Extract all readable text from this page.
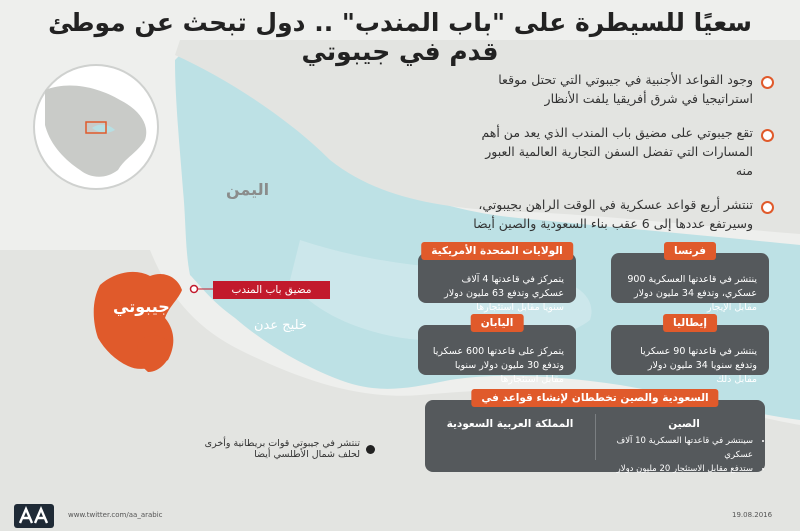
سعيًا للسيطرة على "باب المندب" .. دول تبحث عن موطئ قدم في جيبوتي
اليمن
جيبوتي
خليج عدن
مضيق باب المندب
وجود القواعد الأجنبية في جيبوتي التي تحتل موقعا استراتيجيا في شرق أفريقيا يلفت الأنظار
تقع جيبوتي على مضيق باب المندب الذي يعد من أهم المسارات التي تفضل السفن التجارية العالمية العبور منه
تنتشر أربع قواعد عسكرية في الوقت الراهن بجيبوتي، وسيرتفع عددها إلى 6 عقب بناء السعودية والصين أيضا
الولايات المتحدة الأمريكية
يتمركز في قاعدتها 4 آلاف عسكري وتدفع 63 مليون دولار سنويا مقابل استئجارها
فرنسا
ينتشر في قاعدتها العسكرية 900 عسكري، وتدفع 34 مليون دولار مقابل الإيجار
اليابان
يتمركز على قاعدتها 600 عسكريا وتدفع 30 مليون دولار سنويا مقابل استئجارها
إيطاليا
ينتشر في قاعدتها 90 عسكريا وتدفع سنويا 34 مليون دولار مقابل ذلك
السعودية والصين تخططان لإنشاء قواعد في
الصين
• سينتشر في قاعدتها العسكرية 10 آلاف عسكري
• ستدفع مقابل الاستئجار 20 مليون دولار
المملكة العربية السعودية
تنتشر في جيبوتي قوات بريطانية وأخرى لحلف شمال الأطلسي أيضا
www.twitter.com/aa_arabic	19.08.2016
